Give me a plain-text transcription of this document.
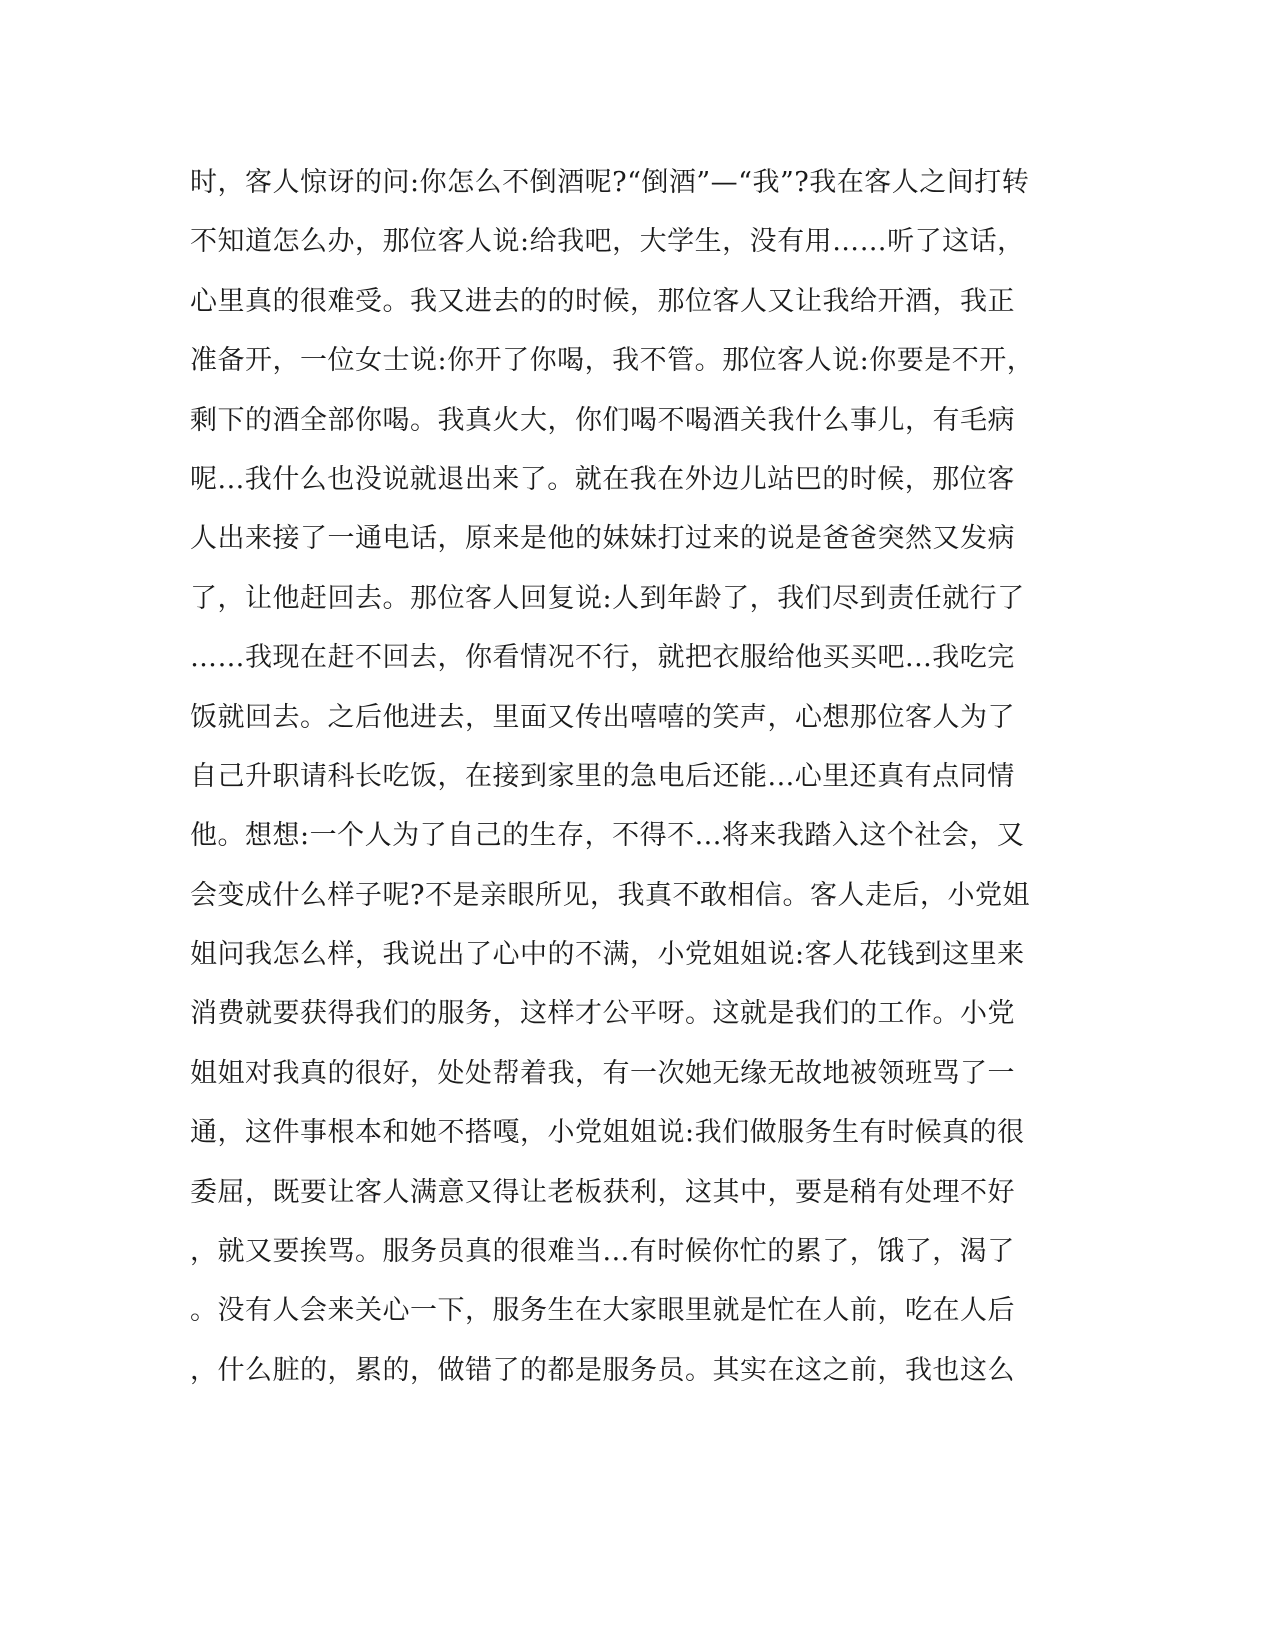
时，客人惊讶的问:你怎么不倒酒呢?“倒酒”—“我”?我在客人之间打转
不知道怎么办，那位客人说:给我吧，大学生，没有用……听了这话，
心里真的很难受。我又进去的的时候，那位客人又让我给开酒，我正
准备开，一位女士说:你开了你喝，我不管。那位客人说:你要是不开，
剩下的酒全部你喝。我真火大，你们喝不喝酒关我什么事儿，有毛病
呢...我什么也没说就退出来了。就在我在外边儿站巴的时候，那位客
人出来接了一通电话，原来是他的妹妹打过来的说是爸爸突然又发病
了，让他赶回去。那位客人回复说:人到年龄了，我们尽到责任就行了
……我现在赶不回去，你看情况不行，就把衣服给他买买吧...我吃完
饭就回去。之后他进去，里面又传出嘻嘻的笑声，心想那位客人为了
自己升职请科长吃饭，在接到家里的急电后还能...心里还真有点同情
他。想想:一个人为了自己的生存，不得不...将来我踏入这个社会，又
会变成什么样子呢?不是亲眼所见，我真不敢相信。客人走后，小党姐
姐问我怎么样，我说出了心中的不满，小党姐姐说:客人花钱到这里来
消费就要获得我们的服务，这样才公平呀。这就是我们的工作。小党
姐姐对我真的很好，处处帮着我，有一次她无缘无故地被领班骂了一
通，这件事根本和她不搭嘎，小党姐姐说:我们做服务生有时候真的很
委屈，既要让客人满意又得让老板获利，这其中，要是稍有处理不好
，就又要挨骂。服务员真的很难当...有时候你忙的累了，饿了，渴了
。没有人会来关心一下，服务生在大家眼里就是忙在人前，吃在人后
，什么脏的，累的，做错了的都是服务员。其实在这之前，我也这么
